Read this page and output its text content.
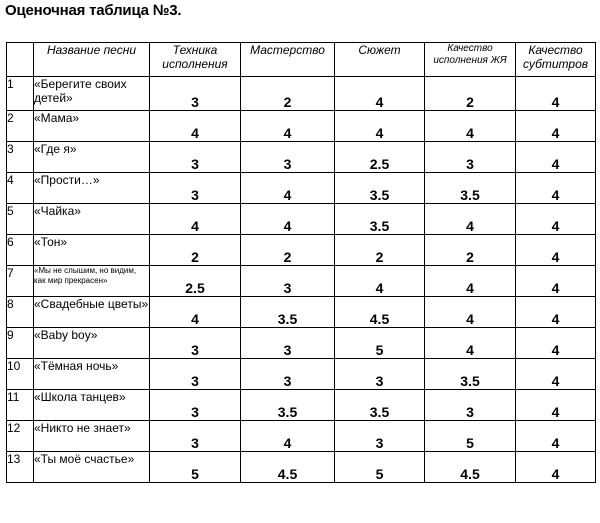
Оценочная таблица №3.
	Название песни	Техника исполнения	Мастерство	Сюжет	Качество исполнения ЖЯ	Качество субтитров
1	«Берегите своих детей»	3	2	4	2	4
2	«Мама»	4	4	4	4	4
3	«Где я»	3	3	2.5	3	4
4	«Прости…»	3	4	3.5	3.5	4
5	«Чайка»	4	4	3.5	4	4
6	«Тон»	2	2	2	2	4
7	«Мы не слышим, но видим, как мир прекрасен»	2.5	3	4	4	4
8	«Свадебные цветы»	4	3.5	4.5	4	4
9	«Baby boy»	3	3	5	4	4
10	«Тёмная ночь»	3	3	3	3.5	4
11	«Школа танцев»	3	3.5	3.5	3	4
12	«Никто не знает»	3	4	3	5	4
13	«Ты моё счастье»	5	4.5	5	4.5	4
